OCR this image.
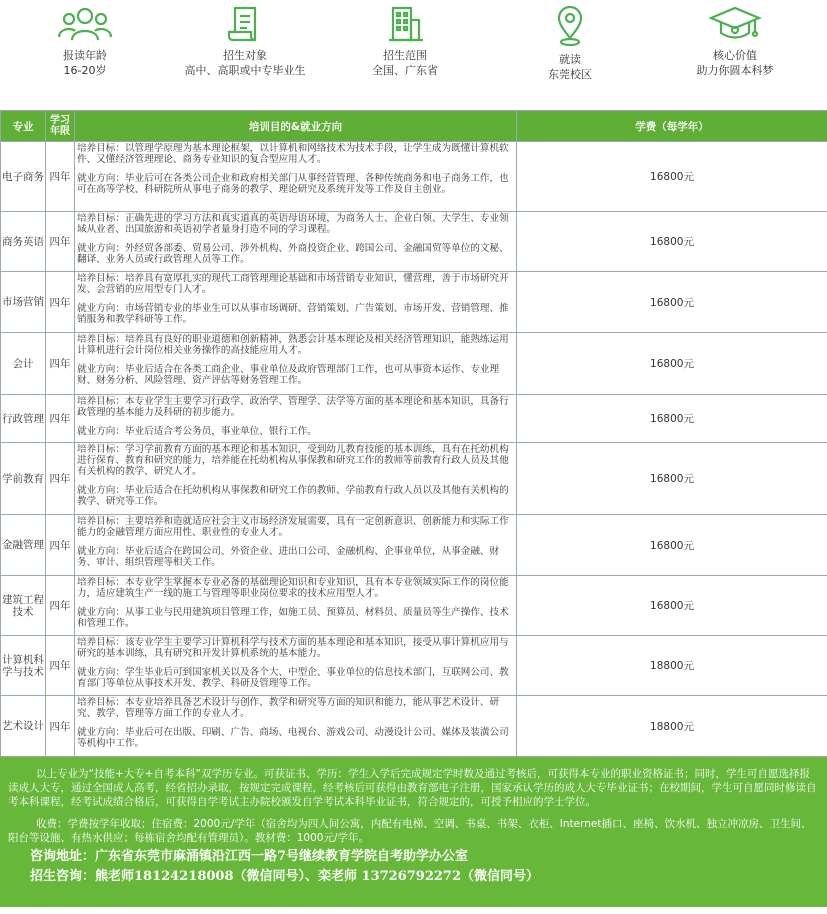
报读年龄
16-20岁
招生对象
高中、高职或中专毕业生
招生范围
全国、广东省
就读
东莞校区
核心价值
助力你圆本科梦
专业	学习年限	培训目的&就业方向	学费（每学年）
电子商务	四年	培养目标：以管理学原理为基本理论框架，以计算机和网络技术为技术手段，让学生成为既懂计算机软件、又懂经济管理理论、商务专业知识的复合型应用人才。

就业方向：毕业后可在各类公司企业和政府相关部门从事经营管理、各种传统商务和电子商务工作，也可在高等学校、科研院所从事电子商务的教学、理论研究及系统开发等工作及自主创业。	16800元
商务英语	四年	培养目标：正确先进的学习方法和真实道真的英语母语环境，为商务人士、企业白领、大学生、专业领域从业者、出国旅游和英语初学者量身打造不同的学习课程。

就业方向：外经贸各部委、贸易公司、涉外机构、外商投资企业、跨国公司、金融国贸等单位的文秘、翻译、业务人员或行政管理人员等工作。	16800元
市场营销	四年	培养目标：培养具有宽厚扎实的现代工商管理理论基础和市场营销专业知识，懂营理，善于市场研究开发、会营销的应用型专门人才。

就业方向：市场营销专业的毕业生可以从事市场调研、营销策划、广告策划、市场开发、营销管理、推销服务和教学科研等工作。	16800元
会计	四年	培养目标：培养具有良好的职业道德和创新精神，熟悉会计基本理论及相关经济管理知识，能熟练运用计算机进行会计岗位相关业务操作的高技能应用人才。

就业方向：毕业后适合在各类工商企业、事业单位及政府管理部门工作，也可从事资本运作、专业理财、财务分析、风险管理、资产评估等财务管理工作。	16800元
行政管理	四年	培养目标：本专业学生主要学习行政学、政治学、管理学、法学等方面的基本理论和基本知识，具备行政管理的基本能力及科研的初步能力。

就业方向：毕业后适合考公务员，事业单位、银行工作。	16800元
学前教育	四年	培养目标：学习学前教育方面的基本理论和基本知识，受到幼儿教育技能的基本训练，具有在托幼机构进行保育、教育和研究的能力，培养能在托幼机构从事保教和研究工作的教师等前教育行政人员及其他有关机构的教学、研究人才。

就业方向：毕业后适合在托幼机构从事保教和研究工作的教师、学前教育行政人员以及其他有关机构的教学、研究等工作。	16800元
金融管理	四年	培养目标：主要培养和造就适应社会主义市场经济发展需要，具有一定创新意识、创新能力和实际工作能力的金融管理方面应用性、职业性的专业人才。

就业方向：毕业后适合在跨国公司、外资企业、进出口公司、金融机构、企事业单位，从事金融、财务、审计、组织管理等相关工作。	16800元
建筑工程技术	四年	培养目标：本专业学生掌握本专业必备的基础理论知识和专业知识，具有本专业领域实际工作的岗位能力，适应建筑生产一线的施工与管理等职业岗位要求的技术应用型人才。

就业方向：从事工业与民用建筑项目管理工作，如施工员、预算员、材料员、质量员等生产操作、技术和管理工作。	16800元
计算机科学与技术	四年	培养目标：该专业学生主要学习计算机科学与技术方面的基本理论和基本知识，接受从事计算机应用与研究的基本训练，具有研究和开发计算机系统的基本能力。

就业方向：学生毕业后可到国家机关以及各个大、中型企、事业单位的信息技术部门，互联网公司、教育部门等单位从事技术开发、教学、科研及管理等工作。	18800元
艺术设计	四年	培养目标：本专业培养具备艺术设计与创作、教学和研究等方面的知识和能力，能从事艺术设计、研究、教学、管理等方面工作的专业人才。

就业方向：毕业后可在出版、印刷、广告、商场、电视台、游戏公司、动漫设计公司、媒体及装潢公司等机构中工作。	18800元

以上专业为“技能+大专+自考本科”双学历专业。可获证书、学历：学生入学后完成规定学时数及通过考核后，可获得本专业的职业资格证书；同时，学生可自愿选择报读成人大专，通过全国成人高考，经省招办录取，按规定完成课程，经考核后可获得由教育部电子注册，国家承认学历的成人大专毕业证书；在校期间，学生可自愿同时修读自考本科课程，经考试成绩合格后，可获得自学考试主办院校颁发自学考试本科毕业证书，符合规定的，可授予相应的学士学位。

收费：学费按学年收取；住宿费：2000元/学年（宿舍均为四人间公寓，内配有电梯、空调、书桌、书架、衣柜、Internet插口、座椅、饮水机、独立冲凉房、卫生间、阳台等设施、有热水供应；每栋宿舍均配有管理员）。教材费：1000元/学年。

咨询地址：广东省东莞市麻涌镇沿江西一路7号继续教育学院自考助学办公室

招生咨询：熊老师18124218008（微信同号）、栾老师 13726792272（微信同号）
